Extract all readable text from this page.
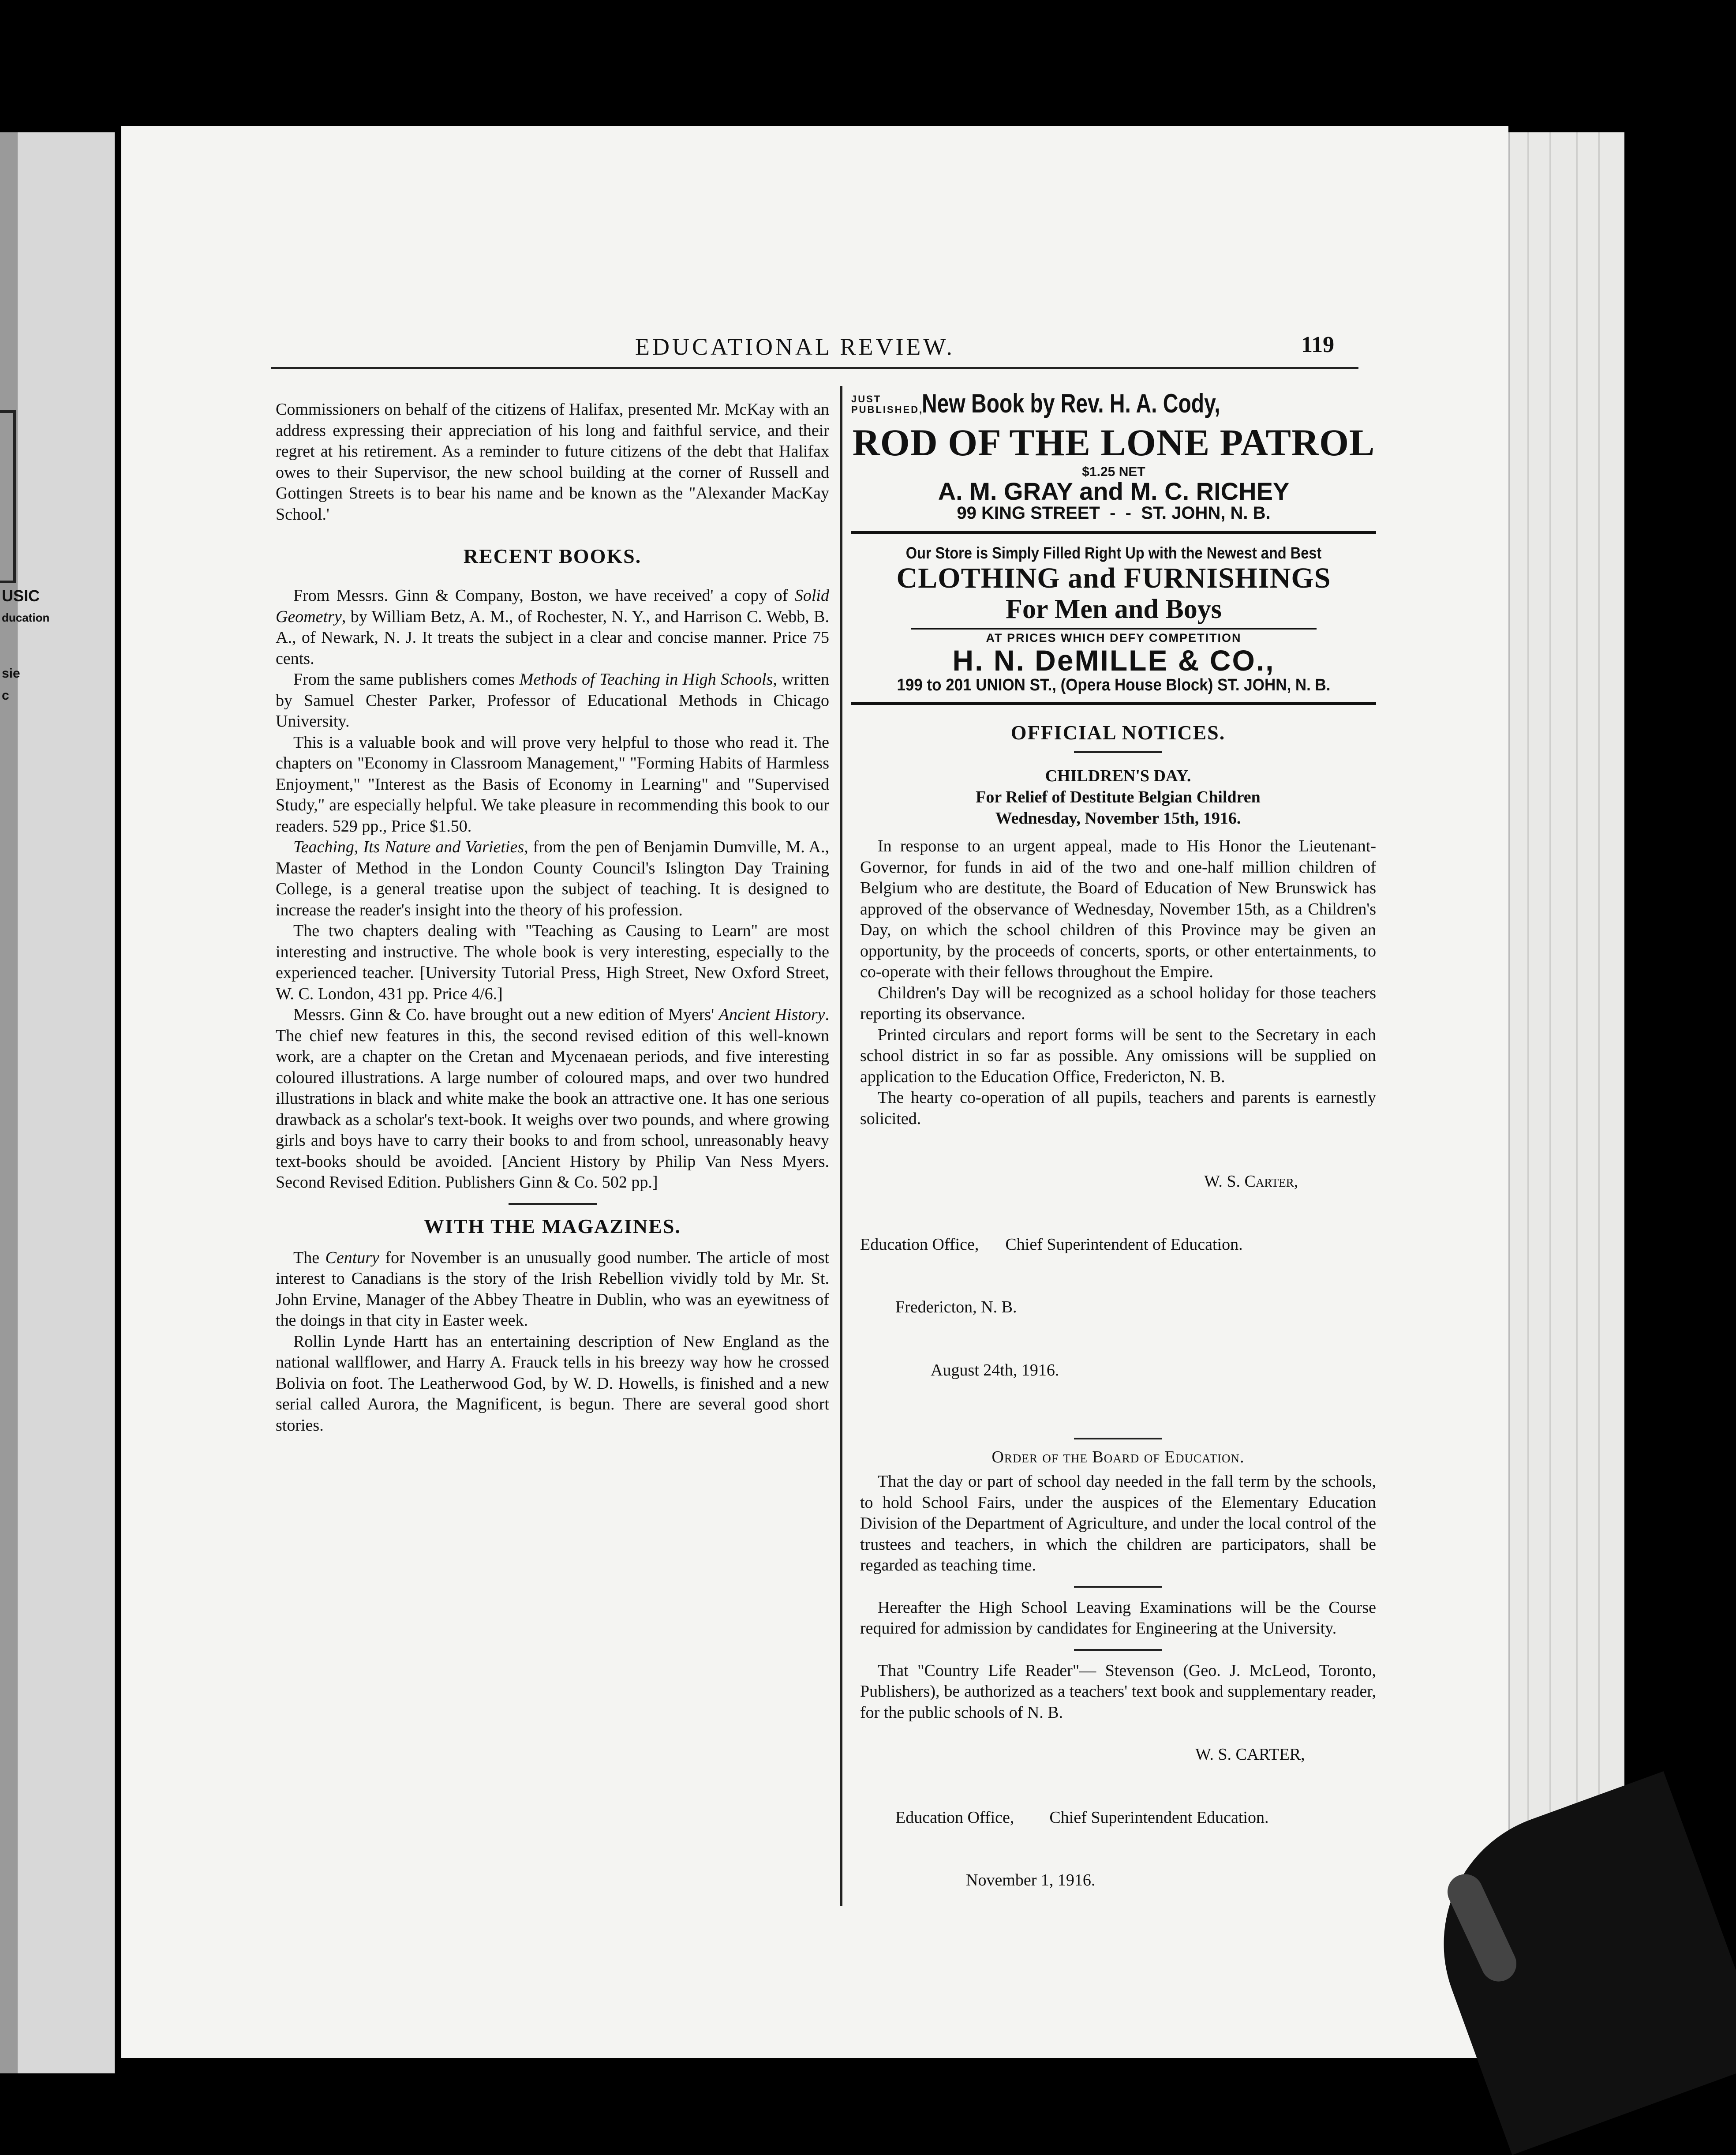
USIC
ducation
sie
c
EDUCATIONAL REVIEW.	119

Commissioners on behalf of the citizens of Halifax, presented Mr. McKay with an address expressing their appreciation of his long and faithful service, and their regret at his retirement. As a reminder to future citizens of the debt that Halifax owes to their Supervisor, the new school building at the corner of Russell and Gottingen Streets is to bear his name and be known as the "Alexander MacKay School.'

RECENT BOOKS.

From Messrs. Ginn & Company, Boston, we have received' a copy of Solid Geometry, by William Betz, A. M., of Rochester, N. Y., and Harrison C. Webb, B. A., of Newark, N. J. It treats the subject in a clear and concise manner. Price 75 cents.

From the same publishers comes Methods of Teaching in High Schools, written by Samuel Chester Parker, Professor of Educational Methods in Chicago University.

This is a valuable book and will prove very helpful to those who read it. The chapters on "Economy in Classroom Management," "Forming Habits of Harmless Enjoyment," "Interest as the Basis of Economy in Learning" and "Supervised Study," are especially helpful. We take pleasure in recommending this book to our readers. 529 pp., Price $1.50.

Teaching, Its Nature and Varieties, from the pen of Benjamin Dumville, M. A., Master of Method in the London County Council's Islington Day Training College, is a general treatise upon the subject of teaching. It is designed to increase the reader's insight into the theory of his profession.

The two chapters dealing with "Teaching as Causing to Learn" are most interesting and instructive. The whole book is very interesting, especially to the experienced teacher. [University Tutorial Press, High Street, New Oxford Street, W. C. London, 431 pp. Price 4/6.]

Messrs. Ginn & Co. have brought out a new edition of Myers' Ancient History. The chief new features in this, the second revised edition of this well-known work, are a chapter on the Cretan and Mycenaean periods, and five interesting coloured illustrations. A large number of coloured maps, and over two hundred illustrations in black and white make the book an attractive one. It has one serious drawback as a scholar's text-book. It weighs over two pounds, and where growing girls and boys have to carry their books to and from school, unreasonably heavy text-books should be avoided. [Ancient History by Philip Van Ness Myers. Second Revised Edition. Publishers Ginn & Co. 502 pp.]

WITH THE MAGAZINES.

The Century for November is an unusually good number. The article of most interest to Canadians is the story of the Irish Rebellion vividly told by Mr. St. John Ervine, Manager of the Abbey Theatre in Dublin, who was an eyewitness of the doings in that city in Easter week.

Rollin Lynde Hartt has an entertaining description of New England as the national wallflower, and Harry A. Frauck tells in his breezy way how he crossed Bolivia on foot. The Leatherwood God, by W. D. Howells, is finished and a new serial called Aurora, the Magnificent, is begun. There are several good short stories.

JUST
PUBLISHED,
New Book by Rev. H. A. Cody,
ROD OF THE LONE PATROL
$1.25 NET
A. M. GRAY and M. C. RICHEY
99 KING STREET  -  -  ST. JOHN, N. B.
Our Store is Simply Filled Right Up with the Newest and Best
CLOTHING and FURNISHINGS
For Men and Boys
AT PRICES WHICH DEFY COMPETITION
H. N. DeMILLE & CO.,
199 to 201 UNION ST., (Opera House Block) ST. JOHN, N. B.

OFFICIAL NOTICES.

CHILDREN'S DAY.

For Relief of Destitute Belgian Children

Wednesday, November 15th, 1916.

In response to an urgent appeal, made to His Honor the Lieutenant-Governor, for funds in aid of the two and one-half million children of Belgium who are destitute, the Board of Education of New Brunswick has approved of the observance of Wednesday, November 15th, as a Children's Day, on which the school children of this Province may be given an opportunity, by the proceeds of concerts, sports, or other entertainments, to co-operate with their fellows throughout the Empire.

Children's Day will be recognized as a school holiday for those teachers reporting its observance.

Printed circulars and report forms will be sent to the Secretary in each school district in so far as possible. Any omissions will be supplied on application to the Education Office, Fredericton, N. B.

The hearty co-operation of all pupils, teachers and parents is earnestly solicited.

W. S. Carter,

Education Office, Chief Superintendent of Education.

Fredericton, N. B.

August 24th, 1916.

Order of the Board of Education.

That the day or part of school day needed in the fall term by the schools, to hold School Fairs, under the auspices of the Elementary Education Division of the Department of Agriculture, and under the local control of the trustees and teachers, in which the children are participators, shall be regarded as teaching time.

Hereafter the High School Leaving Examinations will be the Course required for admission by candidates for Engineering at the University.

That "Country Life Reader"— Stevenson (Geo. J. McLeod, Toronto, Publishers), be authorized as a teachers' text book and supplementary reader, for the public schools of N. B.

W. S. CARTER,

Education Office, Chief Superintendent Education.

November 1, 1916.
